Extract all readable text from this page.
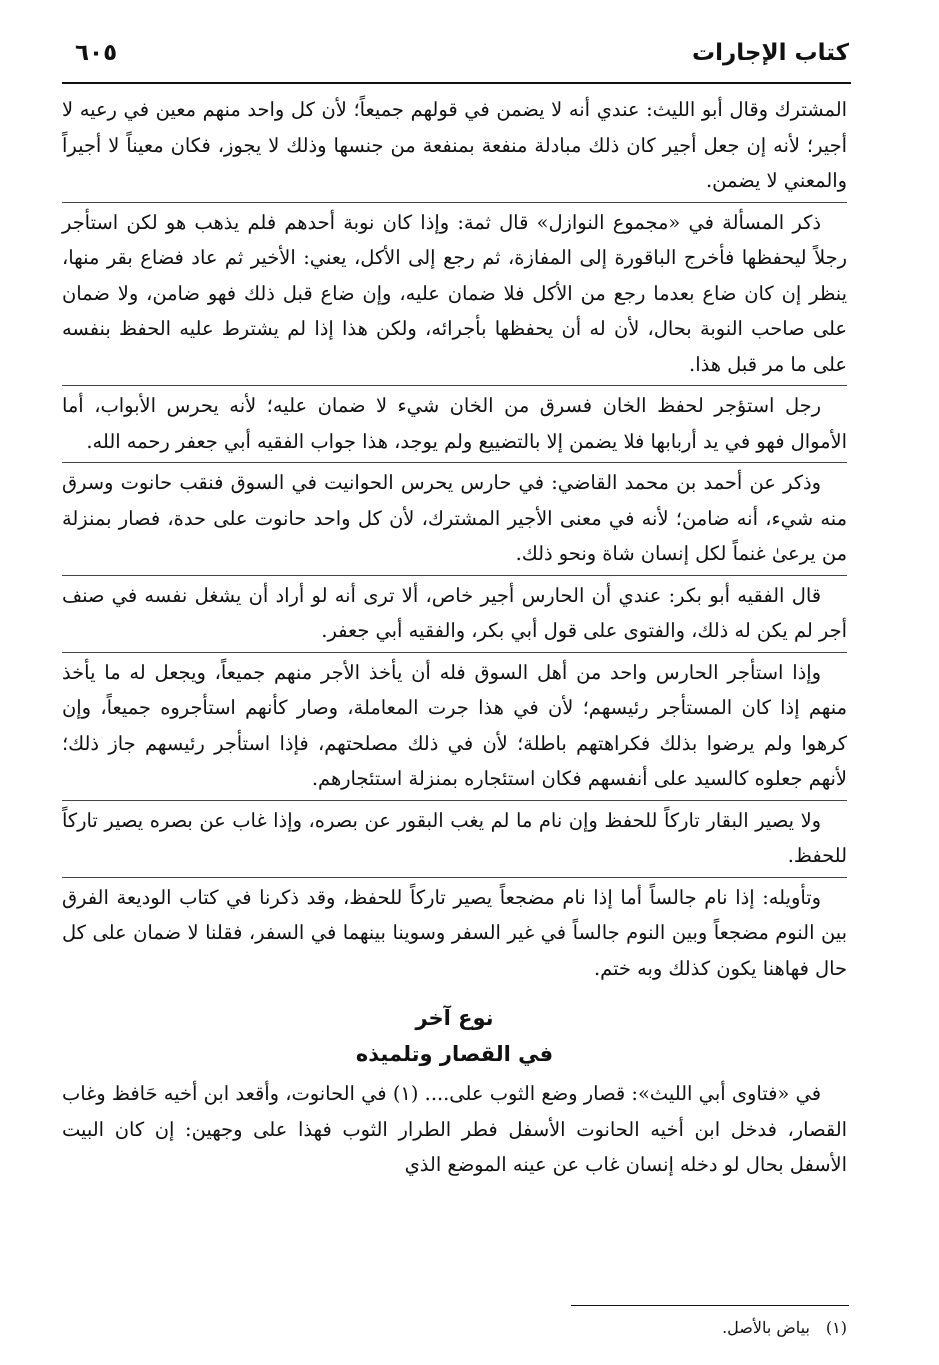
كتاب الإجارات
٦٠٥

المشترك وقال أبو الليث: عندي أنه لا يضمن في قولهم جميعاً؛ لأن كل واحد منهم معين في رعيه لا أجير؛ لأنه إن جعل أجير كان ذلك مبادلة منفعة بمنفعة من جنسها وذلك لا يجوز، فكان معيناً لا أجيراً والمعني لا يضمن.

ذكر المسألة في «مجموع النوازل» قال ثمة: وإذا كان نوبة أحدهم فلم يذهب هو لكن استأجر رجلاً ليحفظها فأخرج الباقورة إلى المفازة، ثم رجع إلى الأكل، يعني: الأخير ثم عاد فضاع بقر منها، ينظر إن كان ضاع بعدما رجع من الأكل فلا ضمان عليه، وإن ضاع قبل ذلك فهو ضامن، ولا ضمان على صاحب النوبة بحال، لأن له أن يحفظها بأجرائه، ولكن هذا إذا لم يشترط عليه الحفظ بنفسه على ما مر قبل هذا.

رجل استؤجر لحفظ الخان فسرق من الخان شيء لا ضمان عليه؛ لأنه يحرس الأبواب، أما الأموال فهو في يد أربابها فلا يضمن إلا بالتضييع ولم يوجد، هذا جواب الفقيه أبي جعفر رحمه الله.

وذكر عن أحمد بن محمد القاضي: في حارس يحرس الحوانيت في السوق فنقب حانوت وسرق منه شيء، أنه ضامن؛ لأنه في معنى الأجير المشترك، لأن كل واحد حانوت على حدة، فصار بمنزلة من يرعىٰ غنماً لكل إنسان شاة ونحو ذلك.

قال الفقيه أبو بكر: عندي أن الحارس أجير خاص، ألا ترى أنه لو أراد أن يشغل نفسه في صنف أجر لم يكن له ذلك، والفتوى على قول أبي بكر، والفقيه أبي جعفر.

وإذا استأجر الحارس واحد من أهل السوق فله أن يأخذ الأجر منهم جميعاً، ويجعل له ما يأخذ منهم إذا كان المستأجر رئيسهم؛ لأن في هذا جرت المعاملة، وصار كأنهم استأجروه جميعاً، وإن كرهوا ولم يرضوا بذلك فكراهتهم باطلة؛ لأن في ذلك مصلحتهم، فإذا استأجر رئيسهم جاز ذلك؛ لأنهم جعلوه كالسيد على أنفسهم فكان استئجاره بمنزلة استئجارهم.

ولا يصير البقار تاركاً للحفظ وإن نام ما لم يغب البقور عن بصره، وإذا غاب عن بصره يصير تاركاً للحفظ.

وتأويله: إذا نام جالساً أما إذا نام مضجعاً يصير تاركاً للحفظ، وقد ذكرنا في كتاب الوديعة الفرق بين النوم مضجعاً وبين النوم جالساً في غير السفر وسوينا بينهما في السفر، فقلنا لا ضمان على كل حال فهاهنا يكون كذلك وبه ختم.

نوع آخر

في القصار وتلميذه

في «فتاوى أبي الليث»: قصار وضع الثوب على.... (١) في الحانوت، وأقعد ابن أخيه حَافظ وغاب القصار، فدخل ابن أخيه الحانوت الأسفل فطر الطرار الثوب فهذا على وجهين: إن كان البيت الأسفل بحال لو دخله إنسان غاب عن عينه الموضع الذي

(١)بياض بالأصل.
